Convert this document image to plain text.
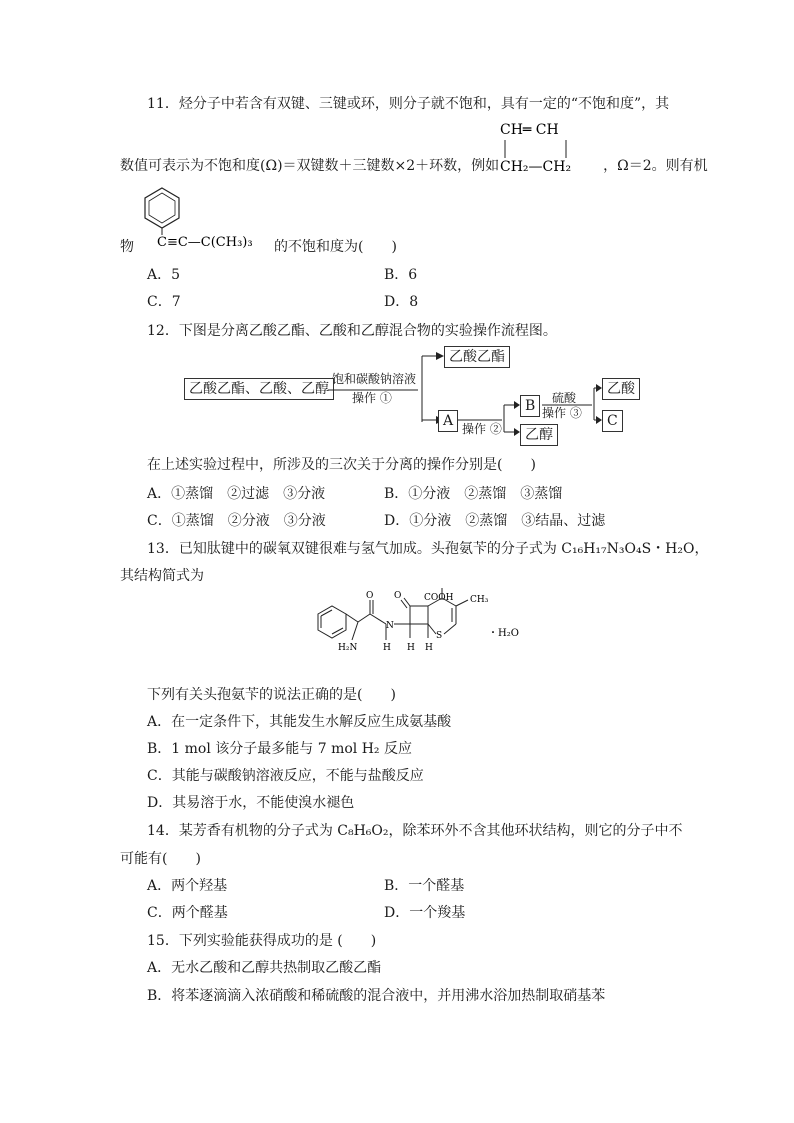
11．烃分子中若含有双键、三键或环，则分子就不饱和，具有一定的“不饱和度”，其
CH═ CH
CH₂—CH₂
数值可表示为不饱和度(Ω)＝双键数＋三键数×2＋环数，例如	，Ω＝2。则有机
C≡C—C(CH₃)₃
物	的不饱和度为(　　)
A．5	B．6
C．7	D．8
12．下图是分离乙酸乙酯、乙酸和乙醇混合物的实验操作流程图。
乙酸乙酯、乙酸、乙醇
饱和碳酸钠溶液
操作 ①
乙酸乙酯
A 操作 ②
B
乙醇
硫酸
操作 ③
乙酸
C
在上述实验过程中，所涉及的三次关于分离的操作分别是(　　)
A．①蒸馏　②过滤　③分液	B．①分液　②蒸馏　③蒸馏
C．①蒸馏　②分液　③分液	D．①分液　②蒸馏　③结晶、过滤
13．已知肽键中的碳氧双键很难与氢气加成。头孢氨苄的分子式为 C₁₆H₁₇N₃O₄S・H₂O，
其结构简式为
COOH CH₃
O O
N
S
H₂N	H H H
・H₂O
下列有关头孢氨苄的说法正确的是(　　)
A．在一定条件下，其能发生水解反应生成氨基酸
B．1 mol 该分子最多能与 7 mol H₂ 反应
C．其能与碳酸钠溶液反应，不能与盐酸反应
D．其易溶于水，不能使溴水褪色
14．某芳香有机物的分子式为 C₈H₆O₂，除苯环外不含其他环状结构，则它的分子中不
可能有(　　)
A．两个羟基	B．一个醛基
C．两个醛基	D．一个羧基
15．下列实验能获得成功的是 (　　)
A．无水乙酸和乙醇共热制取乙酸乙酯
B．将苯逐滴滴入浓硝酸和稀硫酸的混合液中，并用沸水浴加热制取硝基苯
